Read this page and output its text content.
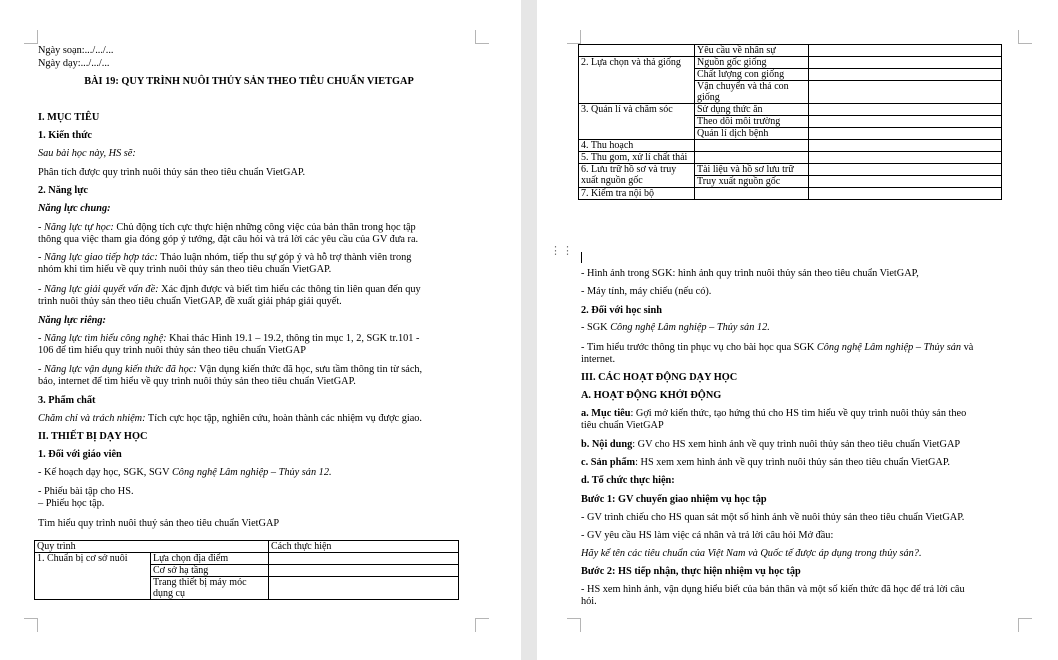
Ngày soạn:.../.../...
Ngày dạy:.../.../...
BÀI 19: QUY TRÌNH NUÔI THỦY SẢN THEO TIÊU CHUẨN VIETGAP
I. MỤC TIÊU
1. Kiến thức
Sau bài học này, HS sẽ:
Phân tích được quy trình nuôi thủy sản theo tiêu chuẩn VietGAP.
2. Năng lực
Năng lực chung:
- Năng lực tự học: Chủ động tích cực thực hiện những công việc của bản thân trong học tập
thông qua việc tham gia đóng góp ý tưởng, đặt câu hỏi và trả lời các yêu cầu của GV đưa ra.
- Năng lực giao tiếp hợp tác: Thảo luận nhóm, tiếp thu sự góp ý và hỗ trợ thành viên trong
nhóm khi tìm hiểu về quy trình nuôi thủy sản theo tiêu chuẩn VietGAP.
- Năng lực giải quyết vấn đề: Xác định được và biết tìm hiểu các thông tin liên quan đến quy
trình nuôi thủy sản theo tiêu chuẩn VietGAP, đề xuất giải pháp giải quyết.
Năng lực riêng:
- Năng lực tìm hiểu công nghệ: Khai thác Hình 19.1 – 19.2, thông tin mục 1, 2, SGK tr.101 -
106 để tìm hiểu quy trình nuôi thủy sản theo tiêu chuẩn VietGAP
- Năng lực vận dụng kiến thức đã học: Vận dụng kiến thức đã học, sưu tầm thông tin từ sách,
báo, internet để tìm hiểu về quy trình nuôi thủy sản theo tiêu chuẩn VietGAP.
3. Phẩm chất
Chăm chỉ và trách nhiệm: Tích cực học tập, nghiên cứu, hoàn thành các nhiệm vụ được giao.
II. THIẾT BỊ DẠY HỌC
1. Đối với giáo viên
- Kế hoạch dạy học, SGK, SGV Công nghệ Lâm nghiệp – Thủy sản 12.
- Phiếu bài tập cho HS.
– Phiếu học tập.
Tìm hiểu quy trình nuôi thuỷ sản theo tiêu chuẩn VietGAP
Quy trình		Cách thực hiện
1. Chuẩn bị cơ sở nuôi	Lựa chọn địa điểm	
	Cơ sở hạ tầng	
	Trang thiết bị máy móc dụng cụ	
⋮⋮
	Yêu cầu về nhân sự	
2. Lựa chọn và thả giống	Nguồn gốc giống	
	Chất lượng con giống	
	Vận chuyển và thả con giống	
3. Quản lí và chăm sóc	Sử dụng thức ăn	
	Theo dõi môi trường	
	Quản lí dịch bệnh	
4. Thu hoạch		
5. Thu gom, xử lí chất thải		
6. Lưu trữ hồ sơ và truy xuất nguồn gốc	Tài liệu và hồ sơ lưu trữ	
	Truy xuất nguồn gốc	
7. Kiểm tra nội bộ		
- Hình ảnh trong SGK: hình ảnh quy trình nuôi thủy sản theo tiêu chuẩn VietGAP,
- Máy tính, máy chiếu (nếu có).
2. Đối với học sinh
- SGK Công nghệ Lâm nghiệp – Thủy sản 12.
- Tìm hiểu trước thông tin phục vụ cho bài học qua SGK Công nghệ Lâm nghiệp – Thủy sản và
internet.
III. CÁC HOẠT ĐỘNG DẠY HỌC
A. HOẠT ĐỘNG KHỞI ĐỘNG
a. Mục tiêu: Gợi mở kiến thức, tạo hứng thú cho HS tìm hiểu về quy trình nuôi thủy sản theo
tiêu chuẩn VietGAP
b. Nội dung: GV cho HS xem hình ảnh về quy trình nuôi thủy sản theo tiêu chuẩn VietGAP
c. Sản phẩm: HS xem xem hình ảnh về quy trình nuôi thủy sản theo tiêu chuẩn VietGAP.
d. Tổ chức thực hiện:
Bước 1: GV chuyển giao nhiệm vụ học tập
- GV trình chiếu cho HS quan sát một số hình ảnh về nuôi thủy sản theo tiêu chuẩn VietGAP.
- GV yêu cầu HS làm việc cá nhân và trả lời câu hỏi Mở đầu:
Hãy kể tên các tiêu chuẩn của Việt Nam và Quốc tế được áp dụng trong thủy sản?.
Bước 2: HS tiếp nhận, thực hiện nhiệm vụ học tập
- HS xem hình ảnh, vận dụng hiểu biết của bản thân và một số kiến thức đã học để trả lời câu
hỏi.
